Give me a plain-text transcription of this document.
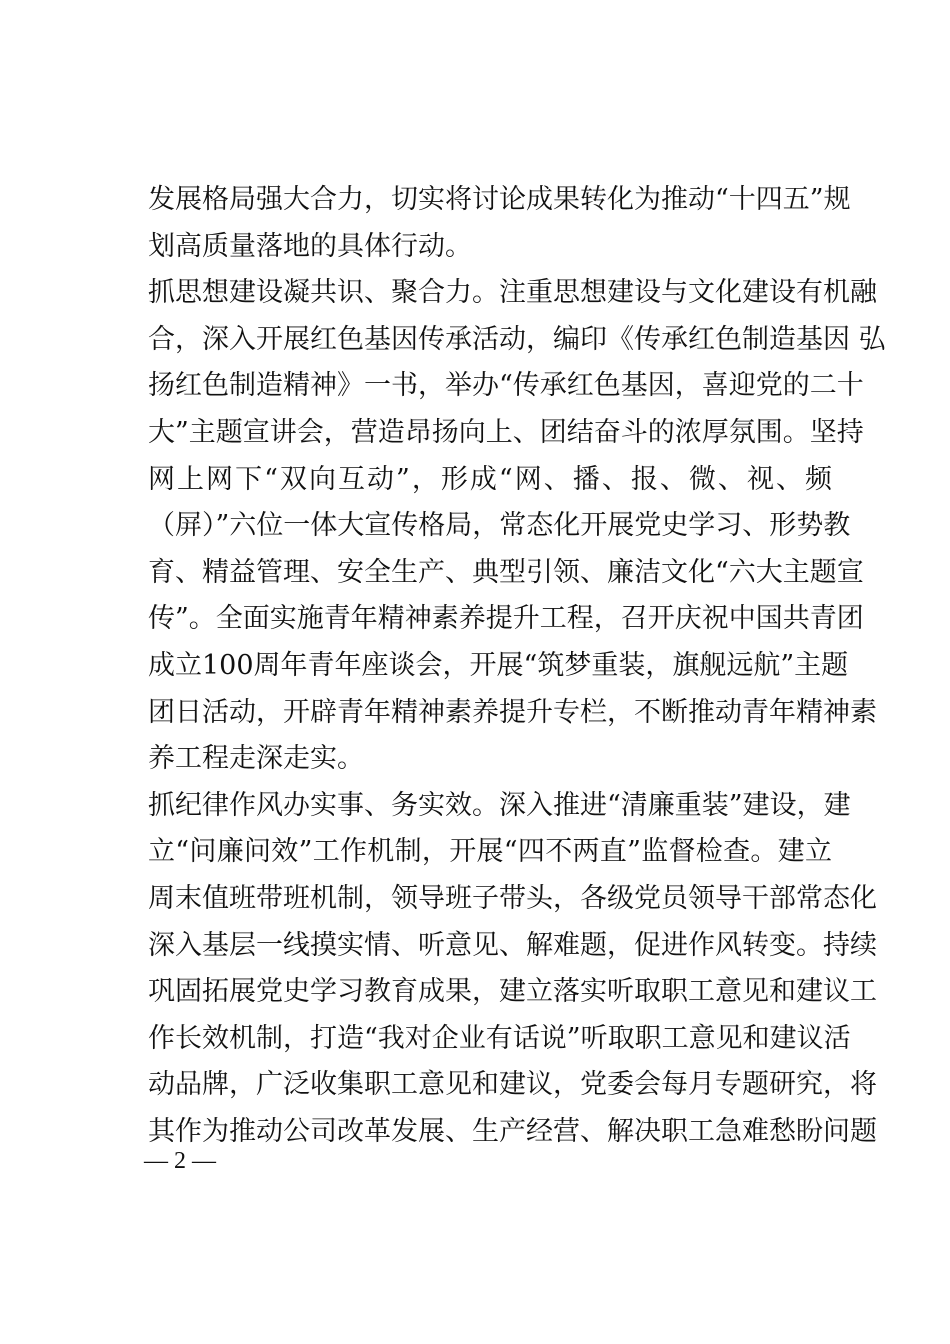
发展格局强大合力，切实将讨论成果转化为推动“十四五”规
划高质量落地的具体行动。
抓思想建设凝共识、聚合力。注重思想建设与文化建设有机融
合，深入开展红色基因传承活动，编印《传承红色制造基因 弘
扬红色制造精神》一书，举办“传承红色基因，喜迎党的二十
大”主题宣讲会，营造昂扬向上、团结奋斗的浓厚氛围。坚持
网上网下“双向互动”，形成“网、播、报、微、视、频
（屏）”六位一体大宣传格局，常态化开展党史学习、形势教
育、精益管理、安全生产、典型引领、廉洁文化“六大主题宣
传”。全面实施青年精神素养提升工程，召开庆祝中国共青团
成立100周年青年座谈会，开展“筑梦重装，旗舰远航”主题
团日活动，开辟青年精神素养提升专栏，不断推动青年精神素
养工程走深走实。
抓纪律作风办实事、务实效。深入推进“清廉重装”建设，建
立“问廉问效”工作机制，开展“四不两直”监督检查。建立
周末值班带班机制，领导班子带头，各级党员领导干部常态化
深入基层一线摸实情、听意见、解难题，促进作风转变。持续
巩固拓展党史学习教育成果，建立落实听取职工意见和建议工
作长效机制，打造“我对企业有话说”听取职工意见和建议活
动品牌，广泛收集职工意见和建议，党委会每月专题研究，将
其作为推动公司改革发展、生产经营、解决职工急难愁盼问题
— 2 —
